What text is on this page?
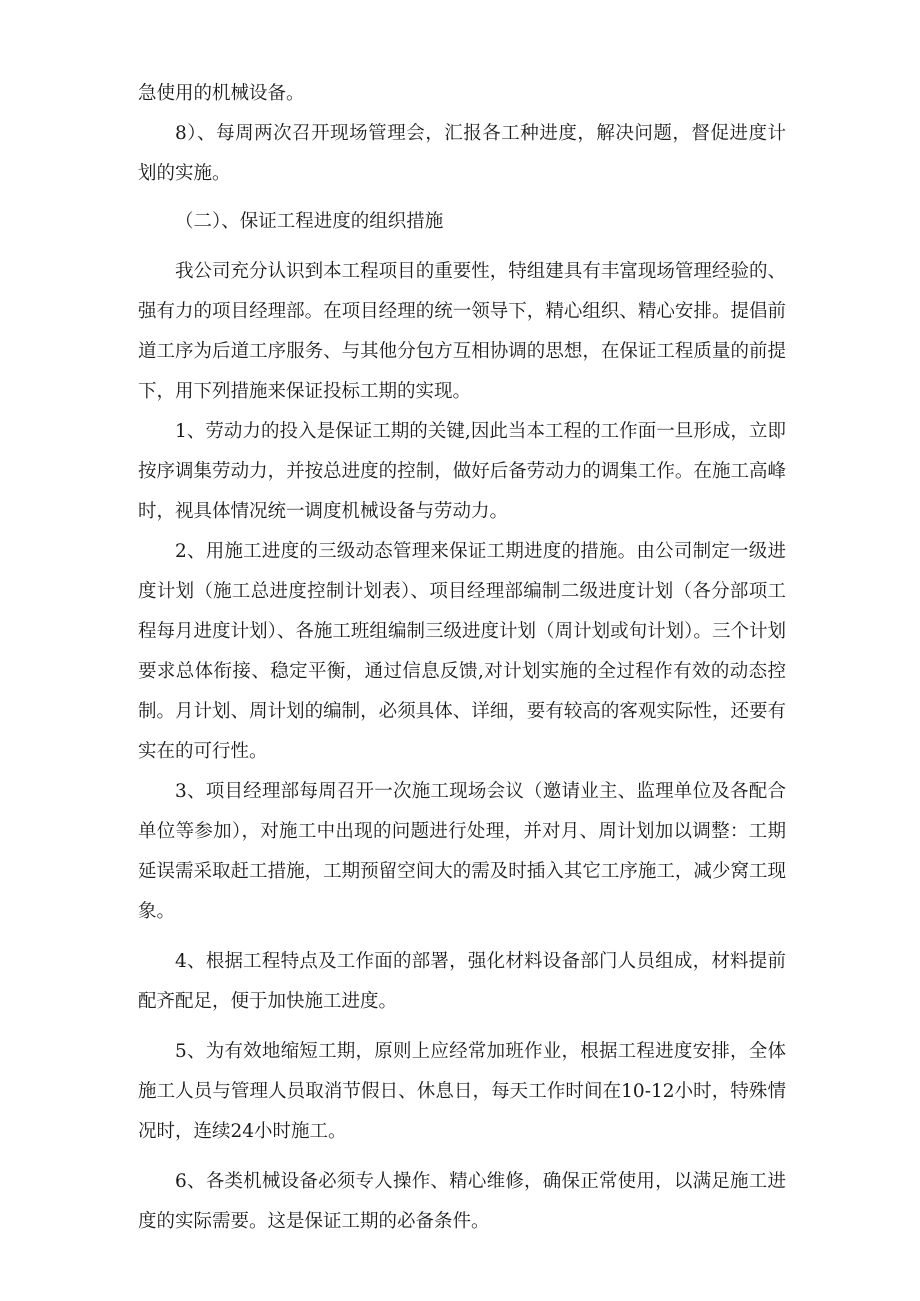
急使用的机械设备。

8）、每周两次召开现场管理会，汇报各工种进度，解决问题，督促进度计划的实施。

（二）、保证工程进度的组织措施

我公司充分认识到本工程项目的重要性，特组建具有丰富现场管理经验的、强有力的项目经理部。在项目经理的统一领导下，精心组织、精心安排。提倡前道工序为后道工序服务、与其他分包方互相协调的思想，在保证工程质量的前提下，用下列措施来保证投标工期的实现。

1、劳动力的投入是保证工期的关键,因此当本工程的工作面一旦形成，立即按序调集劳动力，并按总进度的控制，做好后备劳动力的调集工作。在施工高峰时，视具体情况统一调度机械设备与劳动力。

2、用施工进度的三级动态管理来保证工期进度的措施。由公司制定一级进度计划（施工总进度控制计划表）、项目经理部编制二级进度计划（各分部项工程每月进度计划）、各施工班组编制三级进度计划（周计划或旬计划）。三个计划要求总体衔接、稳定平衡，通过信息反馈,对计划实施的全过程作有效的动态控制。月计划、周计划的编制，必须具体、详细，要有较高的客观实际性，还要有实在的可行性。

3、项目经理部每周召开一次施工现场会议（邀请业主、监理单位及各配合单位等参加），对施工中出现的问题进行处理，并对月、周计划加以调整：工期延误需采取赶工措施，工期预留空间大的需及时插入其它工序施工，减少窝工现象。

4、根据工程特点及工作面的部署，强化材料设备部门人员组成，材料提前配齐配足，便于加快施工进度。

5、为有效地缩短工期，原则上应经常加班作业，根据工程进度安排，全体施工人员与管理人员取消节假日、休息日，每天工作时间在10-12小时，特殊情况时，连续24小时施工。

6、各类机械设备必须专人操作、精心维修，确保正常使用，以满足施工进度的实际需要。这是保证工期的必备条件。
